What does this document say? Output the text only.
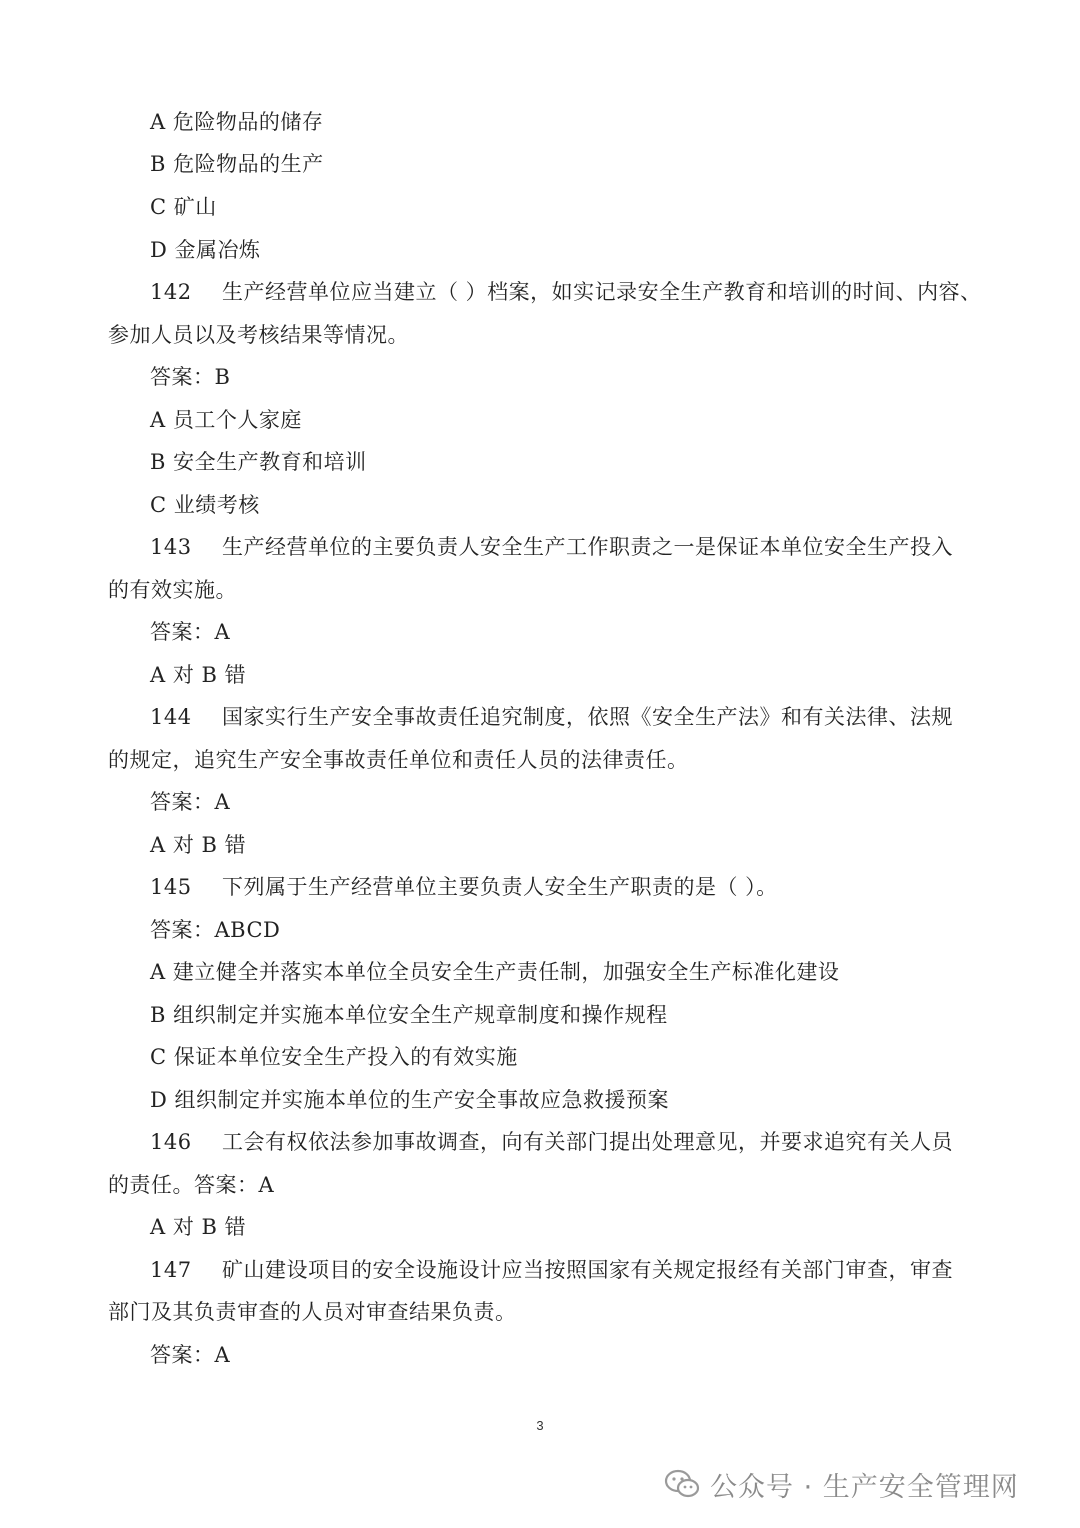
A 危险物品的储存
B 危险物品的生产
C 矿山
D 金属冶炼
142 生产经营单位应当建立（ ）档案，如实记录安全生产教育和培训的时间、内容、
参加人员以及考核结果等情况。
答案：B
A 员工个人家庭
B 安全生产教育和培训
C 业绩考核
143 生产经营单位的主要负责人安全生产工作职责之一是保证本单位安全生产投入
的有效实施。
答案：A
A 对 B 错
144 国家实行生产安全事故责任追究制度，依照《安全生产法》和有关法律、法规
的规定，追究生产安全事故责任单位和责任人员的法律责任。
答案：A
A 对 B 错
145 下列属于生产经营单位主要负责人安全生产职责的是（ ）。
答案：ABCD
A 建立健全并落实本单位全员安全生产责任制，加强安全生产标准化建设
B 组织制定并实施本单位安全生产规章制度和操作规程
C 保证本单位安全生产投入的有效实施
D 组织制定并实施本单位的生产安全事故应急救援预案
146 工会有权依法参加事故调查，向有关部门提出处理意见，并要求追究有关人员
的责任。答案：A
A 对 B 错
147 矿山建设项目的安全设施设计应当按照国家有关规定报经有关部门审查，审查
部门及其负责审查的人员对审查结果负责。
答案：A
3
公众号 · 生产安全管理网
